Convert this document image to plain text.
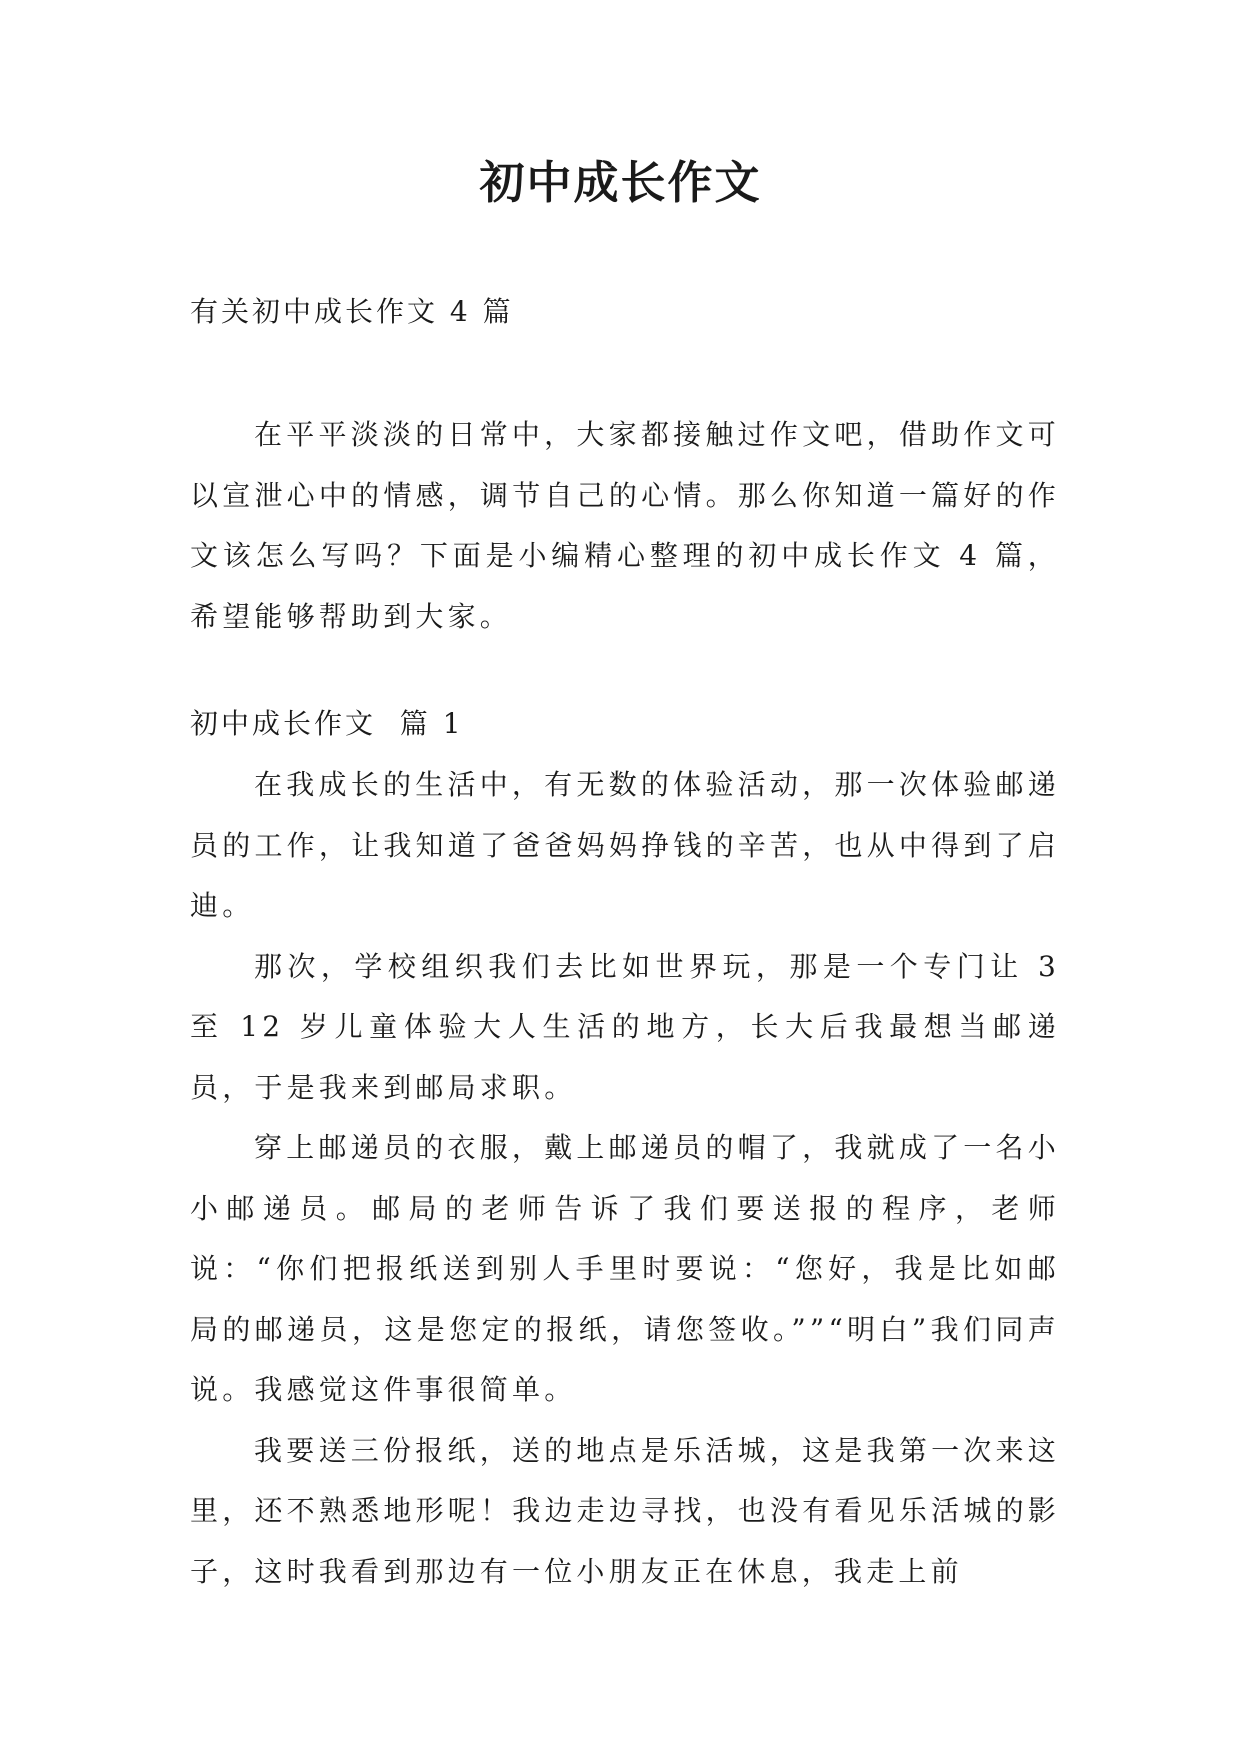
初中成长作文
有关初中成长作文 4 篇

在平平淡淡的日常中，大家都接触过作文吧，借助作文可以宣泄心中的情感，调节自己的心情。那么你知道一篇好的作文该怎么写吗？下面是小编精心整理的初中成长作文 4 篇，希望能够帮助到大家。

初中成长作文  篇 1

在我成长的生活中，有无数的体验活动，那一次体验邮递员的工作，让我知道了爸爸妈妈挣钱的辛苦，也从中得到了启迪。

那次，学校组织我们去比如世界玩，那是一个专门让 3 至 12 岁儿童体验大人生活的地方，长大后我最想当邮递员，于是我来到邮局求职。

穿上邮递员的衣服，戴上邮递员的帽了，我就成了一名小小邮递员。邮局的老师告诉了我们要送报的程序，老师说：“你们把报纸送到别人手里时要说：“您好，我是比如邮局的邮递员，这是您定的报纸，请您签收。””“明白”我们同声说。我感觉这件事很简单。

我要送三份报纸，送的地点是乐活城，这是我第一次来这里，还不熟悉地形呢！我边走边寻找，也没有看见乐活城的影子，这时我看到那边有一位小朋友正在休息，我走上前
